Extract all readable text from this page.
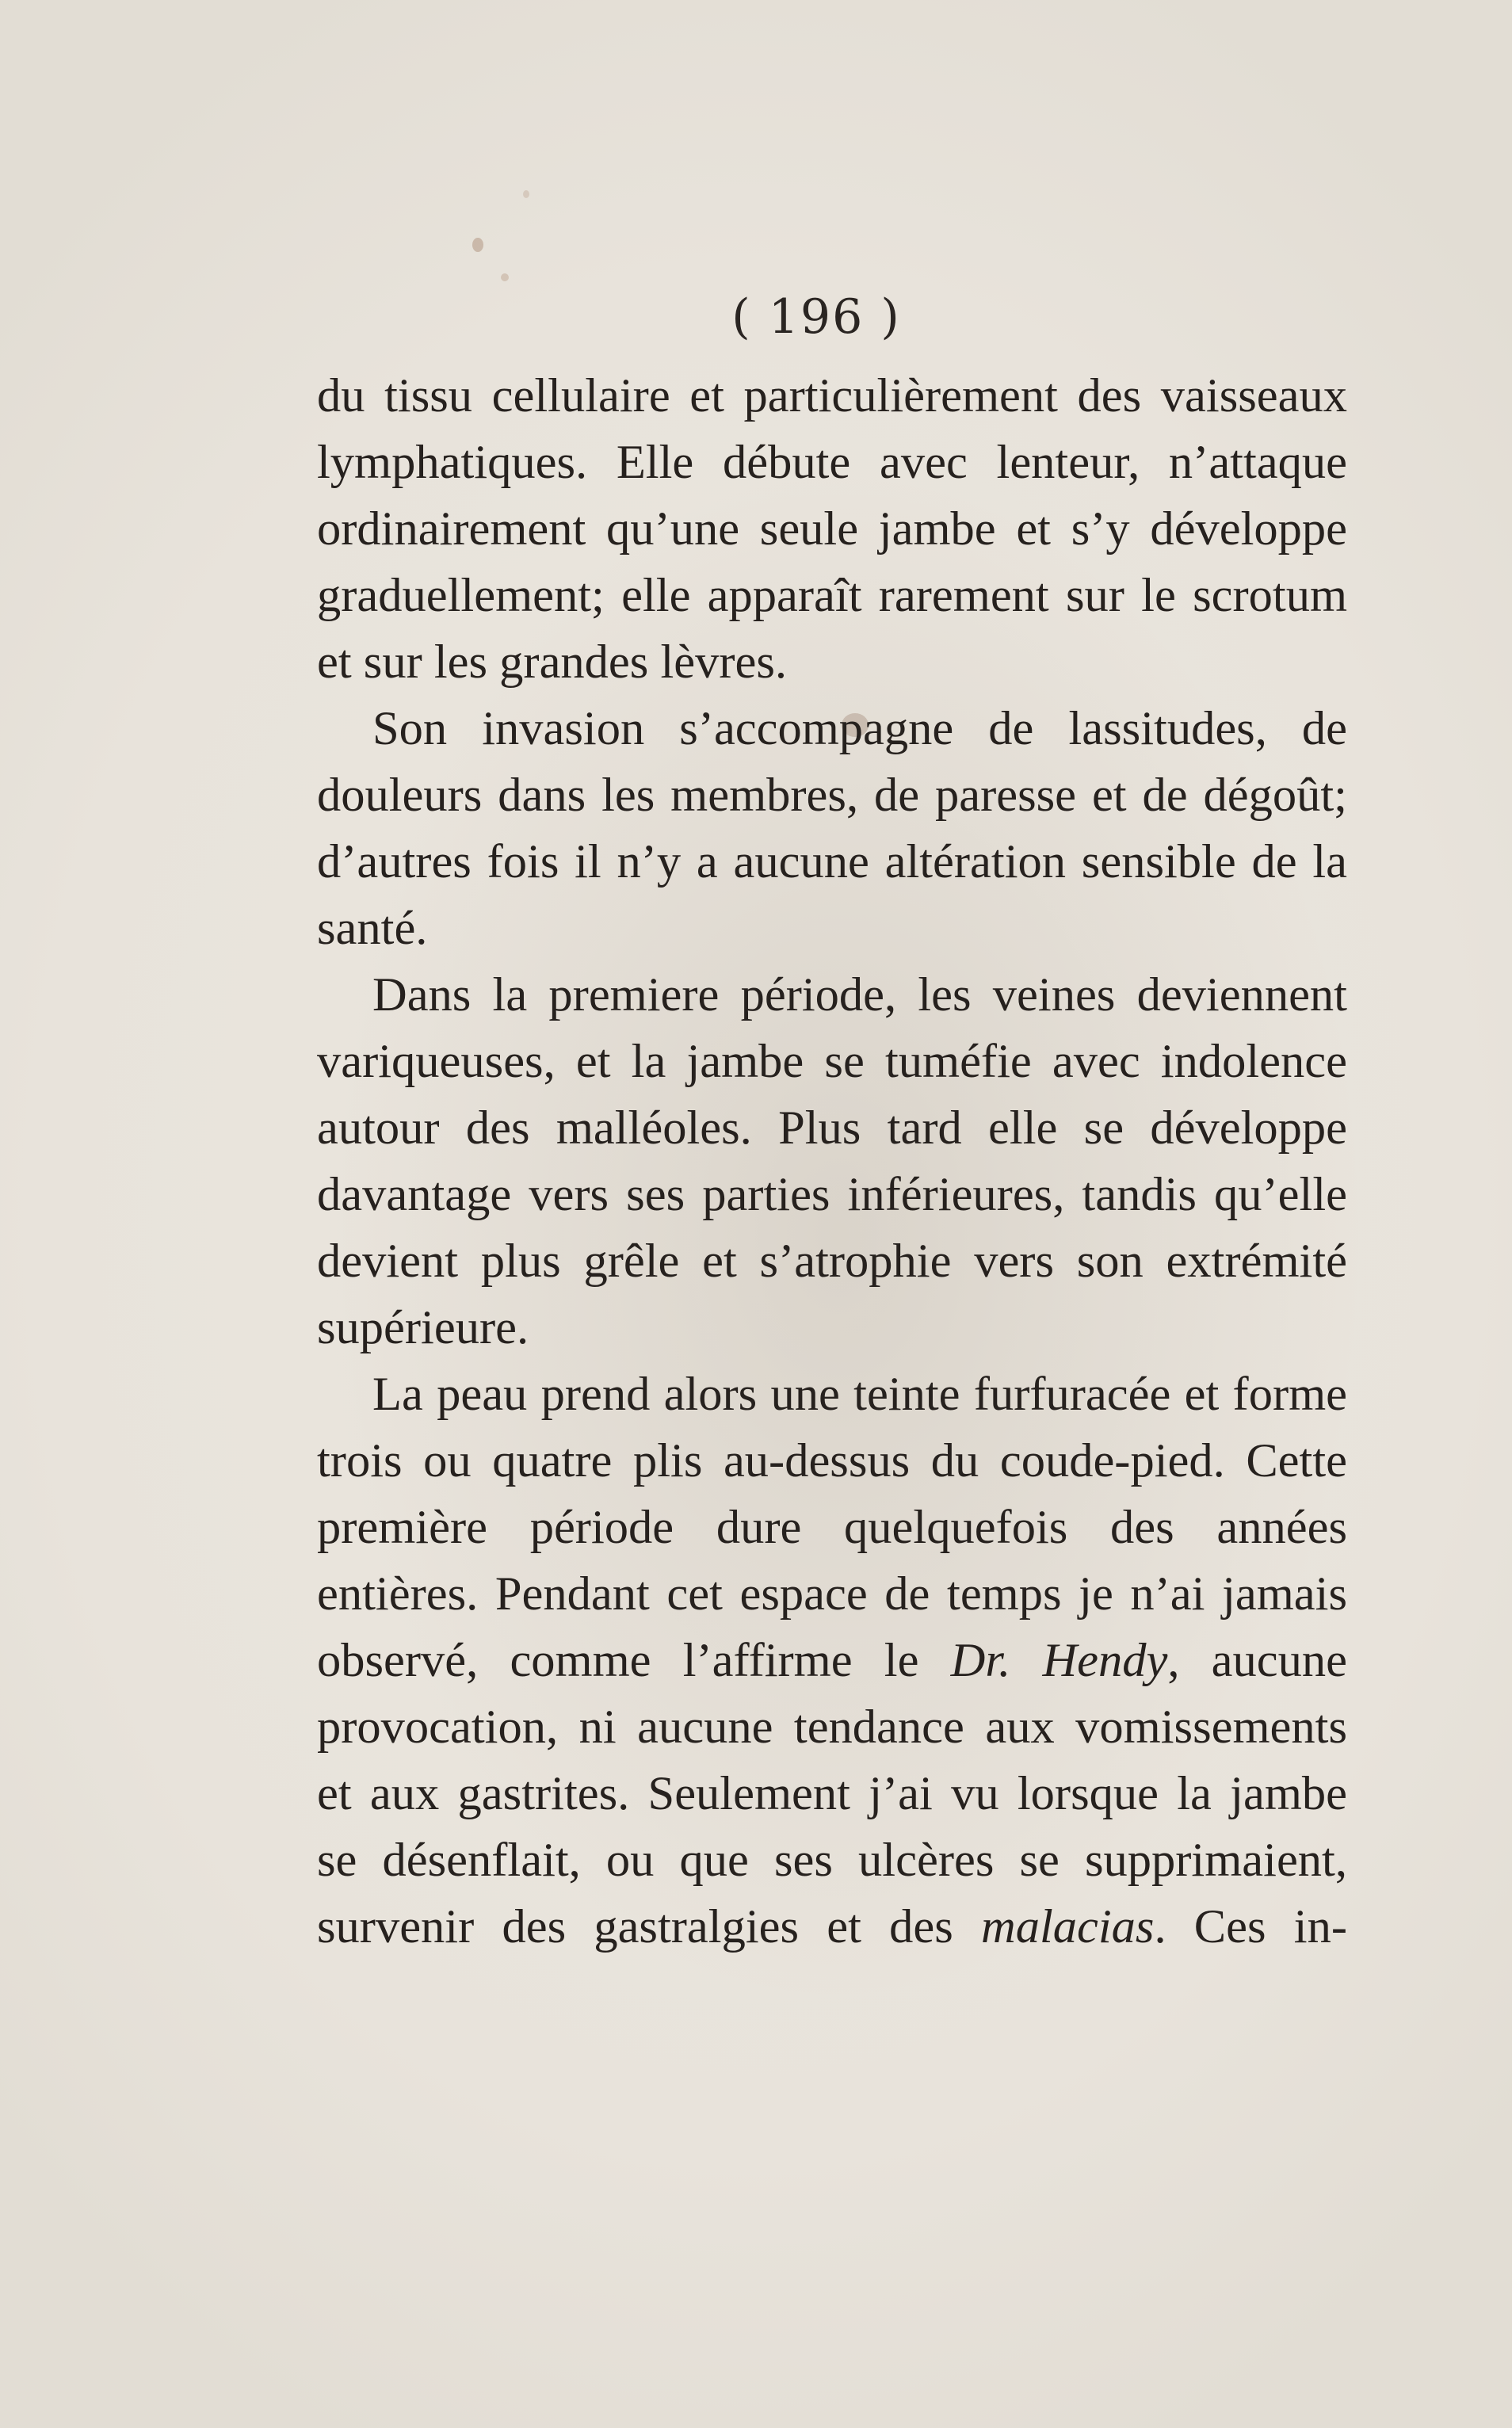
( 196 )

du tissu cellulaire et particulièrement des vaisseaux lymphatiques. Elle débute avec lenteur, n’attaque ordinairement qu’une seule jambe et s’y développe graduellement; elle apparaît rarement sur le scrotum et sur les grandes lèvres.

Son invasion s’accompagne de lassitudes, de douleurs dans les membres, de paresse et de dégoût; d’autres fois il n’y a aucune altération sensible de la santé.

Dans la premiere période, les veines deviennent variqueuses, et la jambe se tuméfie avec indolence autour des malléoles. Plus tard elle se développe davantage vers ses parties inférieures, tandis qu’elle devient plus grêle et s’atrophie vers son extrémité supérieure.

La peau prend alors une teinte furfuracée et forme trois ou quatre plis au-dessus du coude-pied. Cette première période dure quelquefois des années entières. Pendant cet espace de temps je n’ai jamais observé, comme l’affirme le Dr. Hendy, aucune provocation, ni aucune tendance aux vomissements et aux gastrites. Seulement j’ai vu lorsque la jambe se désenflait, ou que ses ulcères se supprimaient, survenir des gastralgies et des malacias. Ces in-
